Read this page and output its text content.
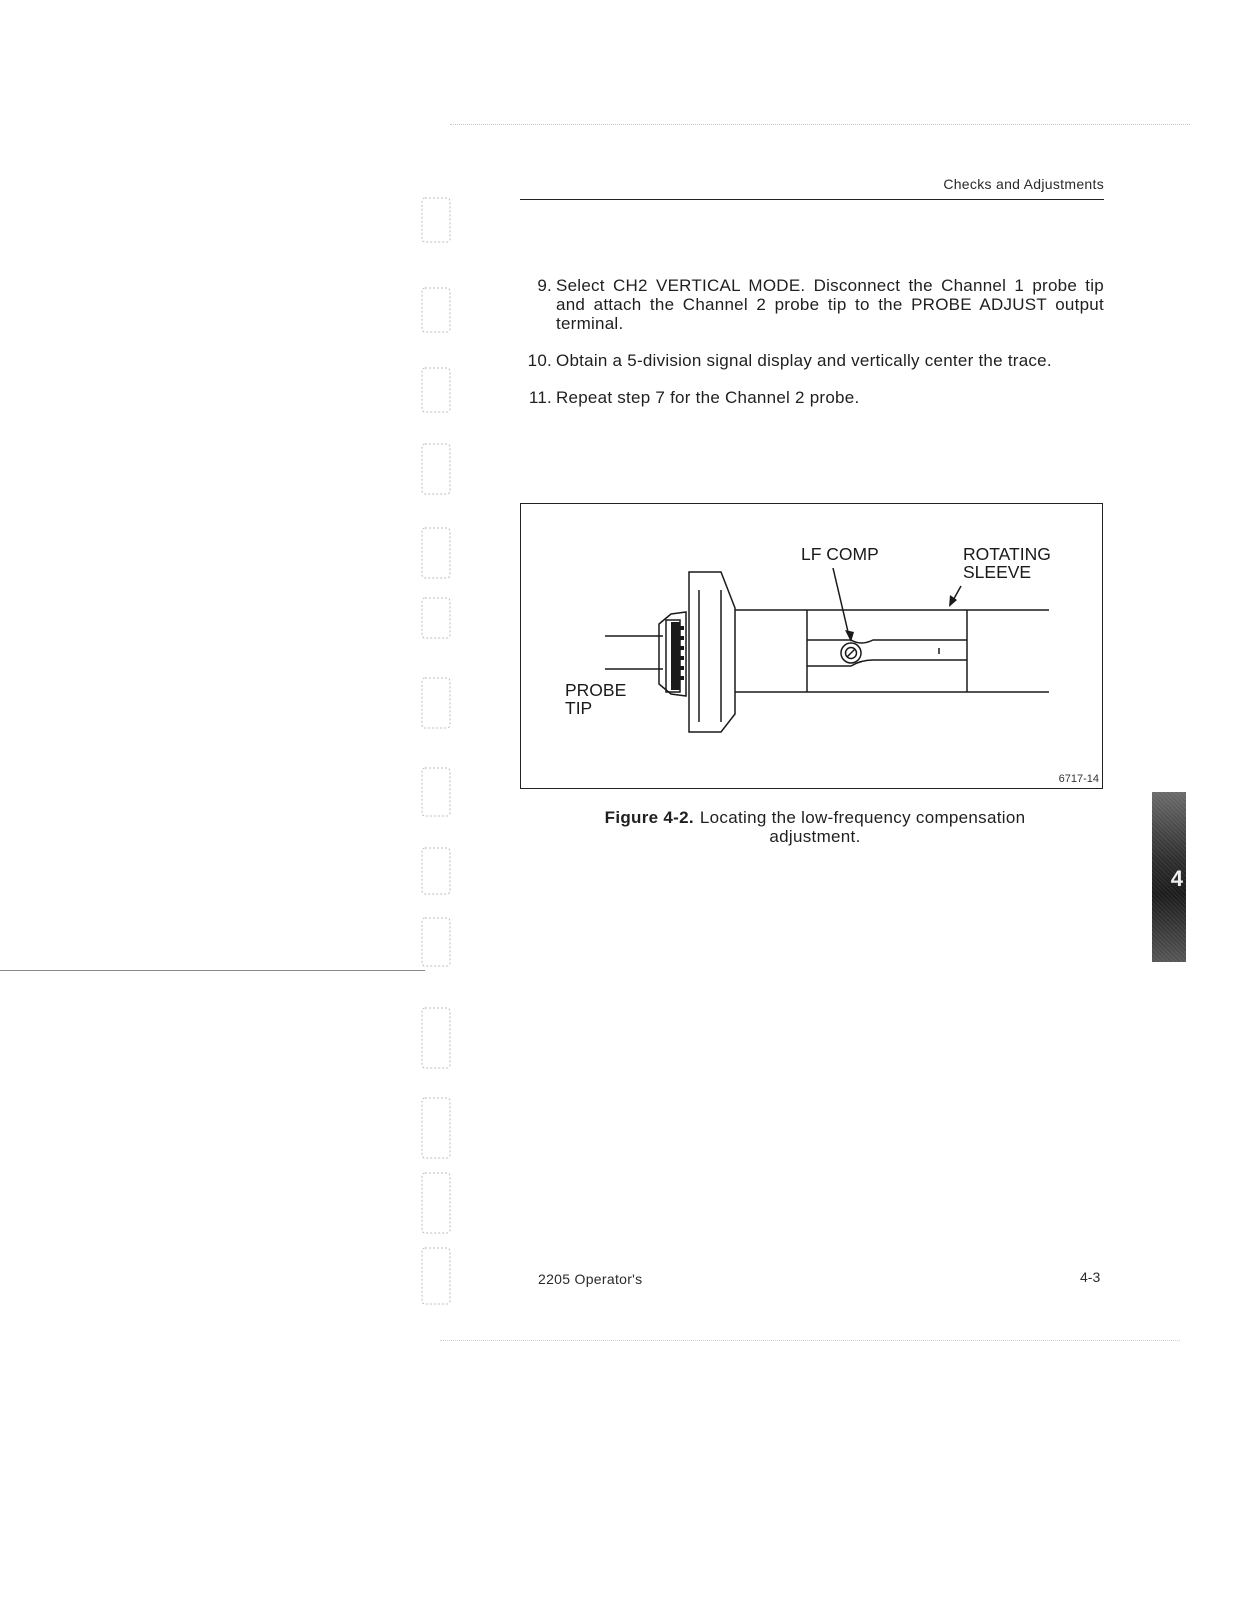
Checks and Adjustments
9. Select CH2 VERTICAL MODE. Disconnect the Channel 1 probe tip and attach the Channel 2 probe tip to the PROBE ADJUST output terminal.
10. Obtain a 5-division signal display and vertically center the trace.
11. Repeat step 7 for the Channel 2 probe.
LF COMP	ROTATING
SLEEVE
PROBE
TIP
6717-14
Figure 4-2. Locating the low-frequency compensation adjustment.
2205 Operator's	4-3
4
